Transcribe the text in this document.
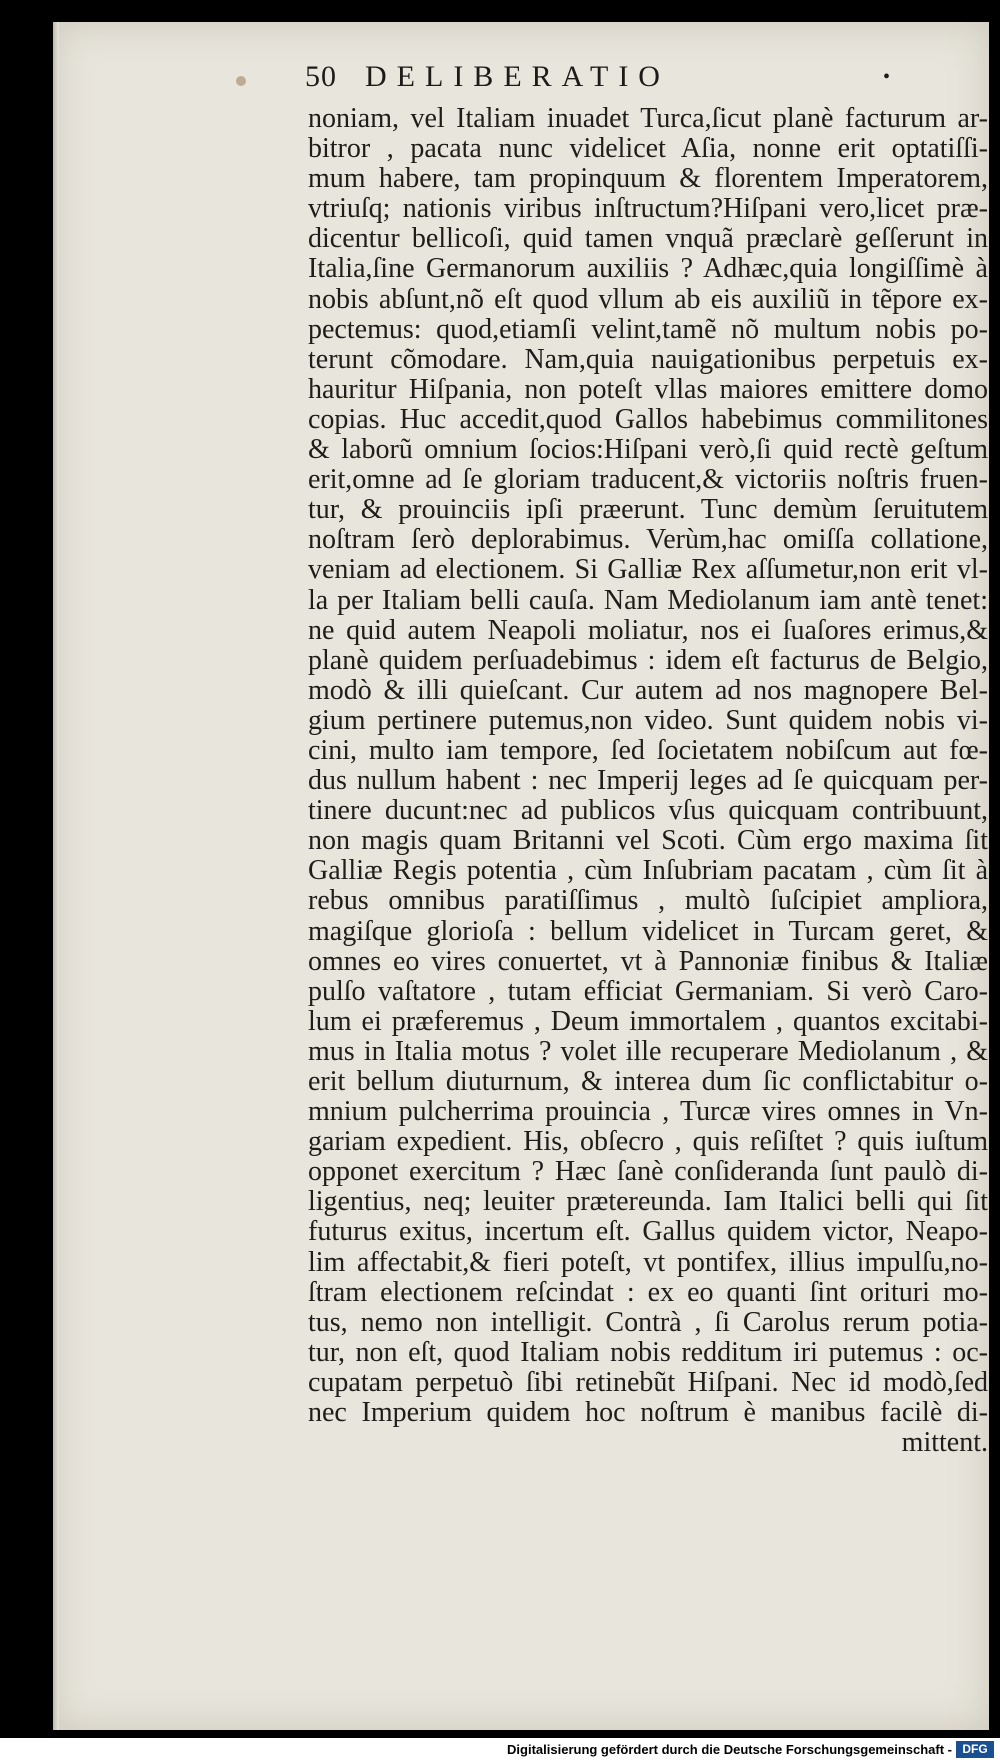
50 DELIBERATIO	•
noniam, vel Italiam inuadet Turca,ſicut planè facturum ar-
bitror , pacata nunc videlicet Aſia, nonne erit optatiſſi-
mum habere, tam propinquum & florentem Imperatorem,
vtriuſq; nationis viribus inſtructum?Hiſpani vero,licet præ-
dicentur bellicoſi, quid tamen vnquã præclarè geſſerunt in
Italia,ſine Germanorum auxiliis ? Adhæc,quia longiſſimè à
nobis abſunt,nõ eſt quod vllum ab eis auxiliũ in tẽpore ex-
pectemus: quod,etiamſi velint,tamẽ nõ multum nobis po-
terunt cõmodare. Nam,quia nauigationibus perpetuis ex-
hauritur Hiſpania, non poteſt vllas maiores emittere domo
copias. Huc accedit,quod Gallos habebimus commilitones
& laborũ omnium ſocios:Hiſpani verò,ſi quid rectè geſtum
erit,omne ad ſe gloriam traducent,& victoriis noſtris fruen-
tur, & prouinciis ipſi præerunt. Tunc demùm ſeruitutem
noſtram ſerò deplorabimus. Verùm,hac omiſſa collatione,
veniam ad electionem. Si Galliæ Rex aſſumetur,non erit vl-
la per Italiam belli cauſa. Nam Mediolanum iam antè tenet:
ne quid autem Neapoli moliatur, nos ei ſuaſores erimus,&
planè quidem perſuadebimus : idem eſt facturus de Belgio,
modò & illi quieſcant. Cur autem ad nos magnopere Bel-
gium pertinere putemus,non video. Sunt quidem nobis vi-
cini, multo iam tempore, ſed ſocietatem nobiſcum aut fœ-
dus nullum habent : nec Imperij leges ad ſe quicquam per-
tinere ducunt:nec ad publicos vſus quicquam contribuunt,
non magis quam Britanni vel Scoti. Cùm ergo maxima ſit
Galliæ Regis potentia , cùm Inſubriam pacatam , cùm ſit à
rebus omnibus paratiſſimus , multò ſuſcipiet ampliora,
magiſque glorioſa : bellum videlicet in Turcam geret, &
omnes eo vires conuertet, vt à Pannoniæ finibus & Italiæ
pulſo vaſtatore , tutam efficiat Germaniam. Si verò Caro-
lum ei præferemus , Deum immortalem , quantos excitabi-
mus in Italia motus ? volet ille recuperare Mediolanum , &
erit bellum diuturnum, & interea dum ſic conflictabitur o-
mnium pulcherrima prouincia , Turcæ vires omnes in Vn-
gariam expedient. His, obſecro , quis reſiſtet ? quis iuſtum
opponet exercitum ? Hæc ſanè conſideranda ſunt paulò di-
ligentius, neq; leuiter prætereunda. Iam Italici belli qui ſit
futurus exitus, incertum eſt. Gallus quidem victor, Neapo-
lim affectabit,& fieri poteſt, vt pontifex, illius impulſu,no-
ſtram electionem reſcindat : ex eo quanti ſint orituri mo-
tus, nemo non intelligit. Contrà , ſi Carolus rerum potia-
tur, non eſt, quod Italiam nobis redditum iri putemus : oc-
cupatam perpetuò ſibi retinebũt Hiſpani. Nec id modò,ſed
nec Imperium quidem hoc noſtrum è manibus facilè di-
mittent.
Digitalisierung gefördert durch die Deutsche Forschungsgemeinschaft - DFG
